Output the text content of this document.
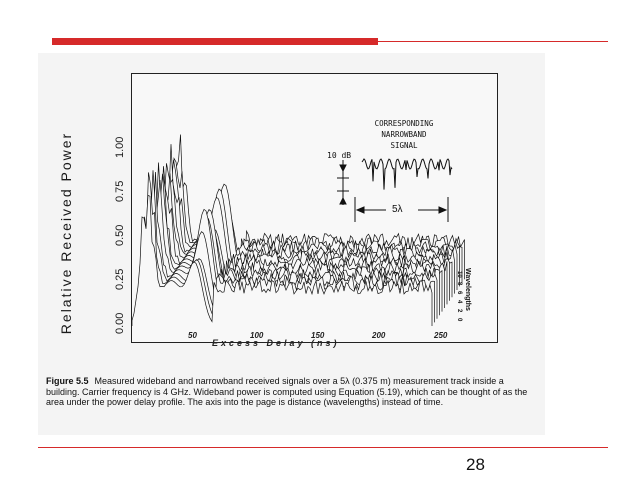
Relative Received Power	0.00
0.25
0.50
0.75
1.00
50	100	150	200	250
Excess Delay (ns)
Wavelengths
0
2
4
6
8
10
CORRESPONDING
NARROWBAND
SIGNAL
10 dB
5λ
Figure 5.5 Measured wideband and narrowband received signals over a 5λ (0.375 m) measurement track inside a building. Carrier frequency is 4 GHz. Wideband power is computed using Equation (5.19), which can be thought of as the area under the power delay profile. The axis into the page is distance (wavelengths) instead of time.
28
